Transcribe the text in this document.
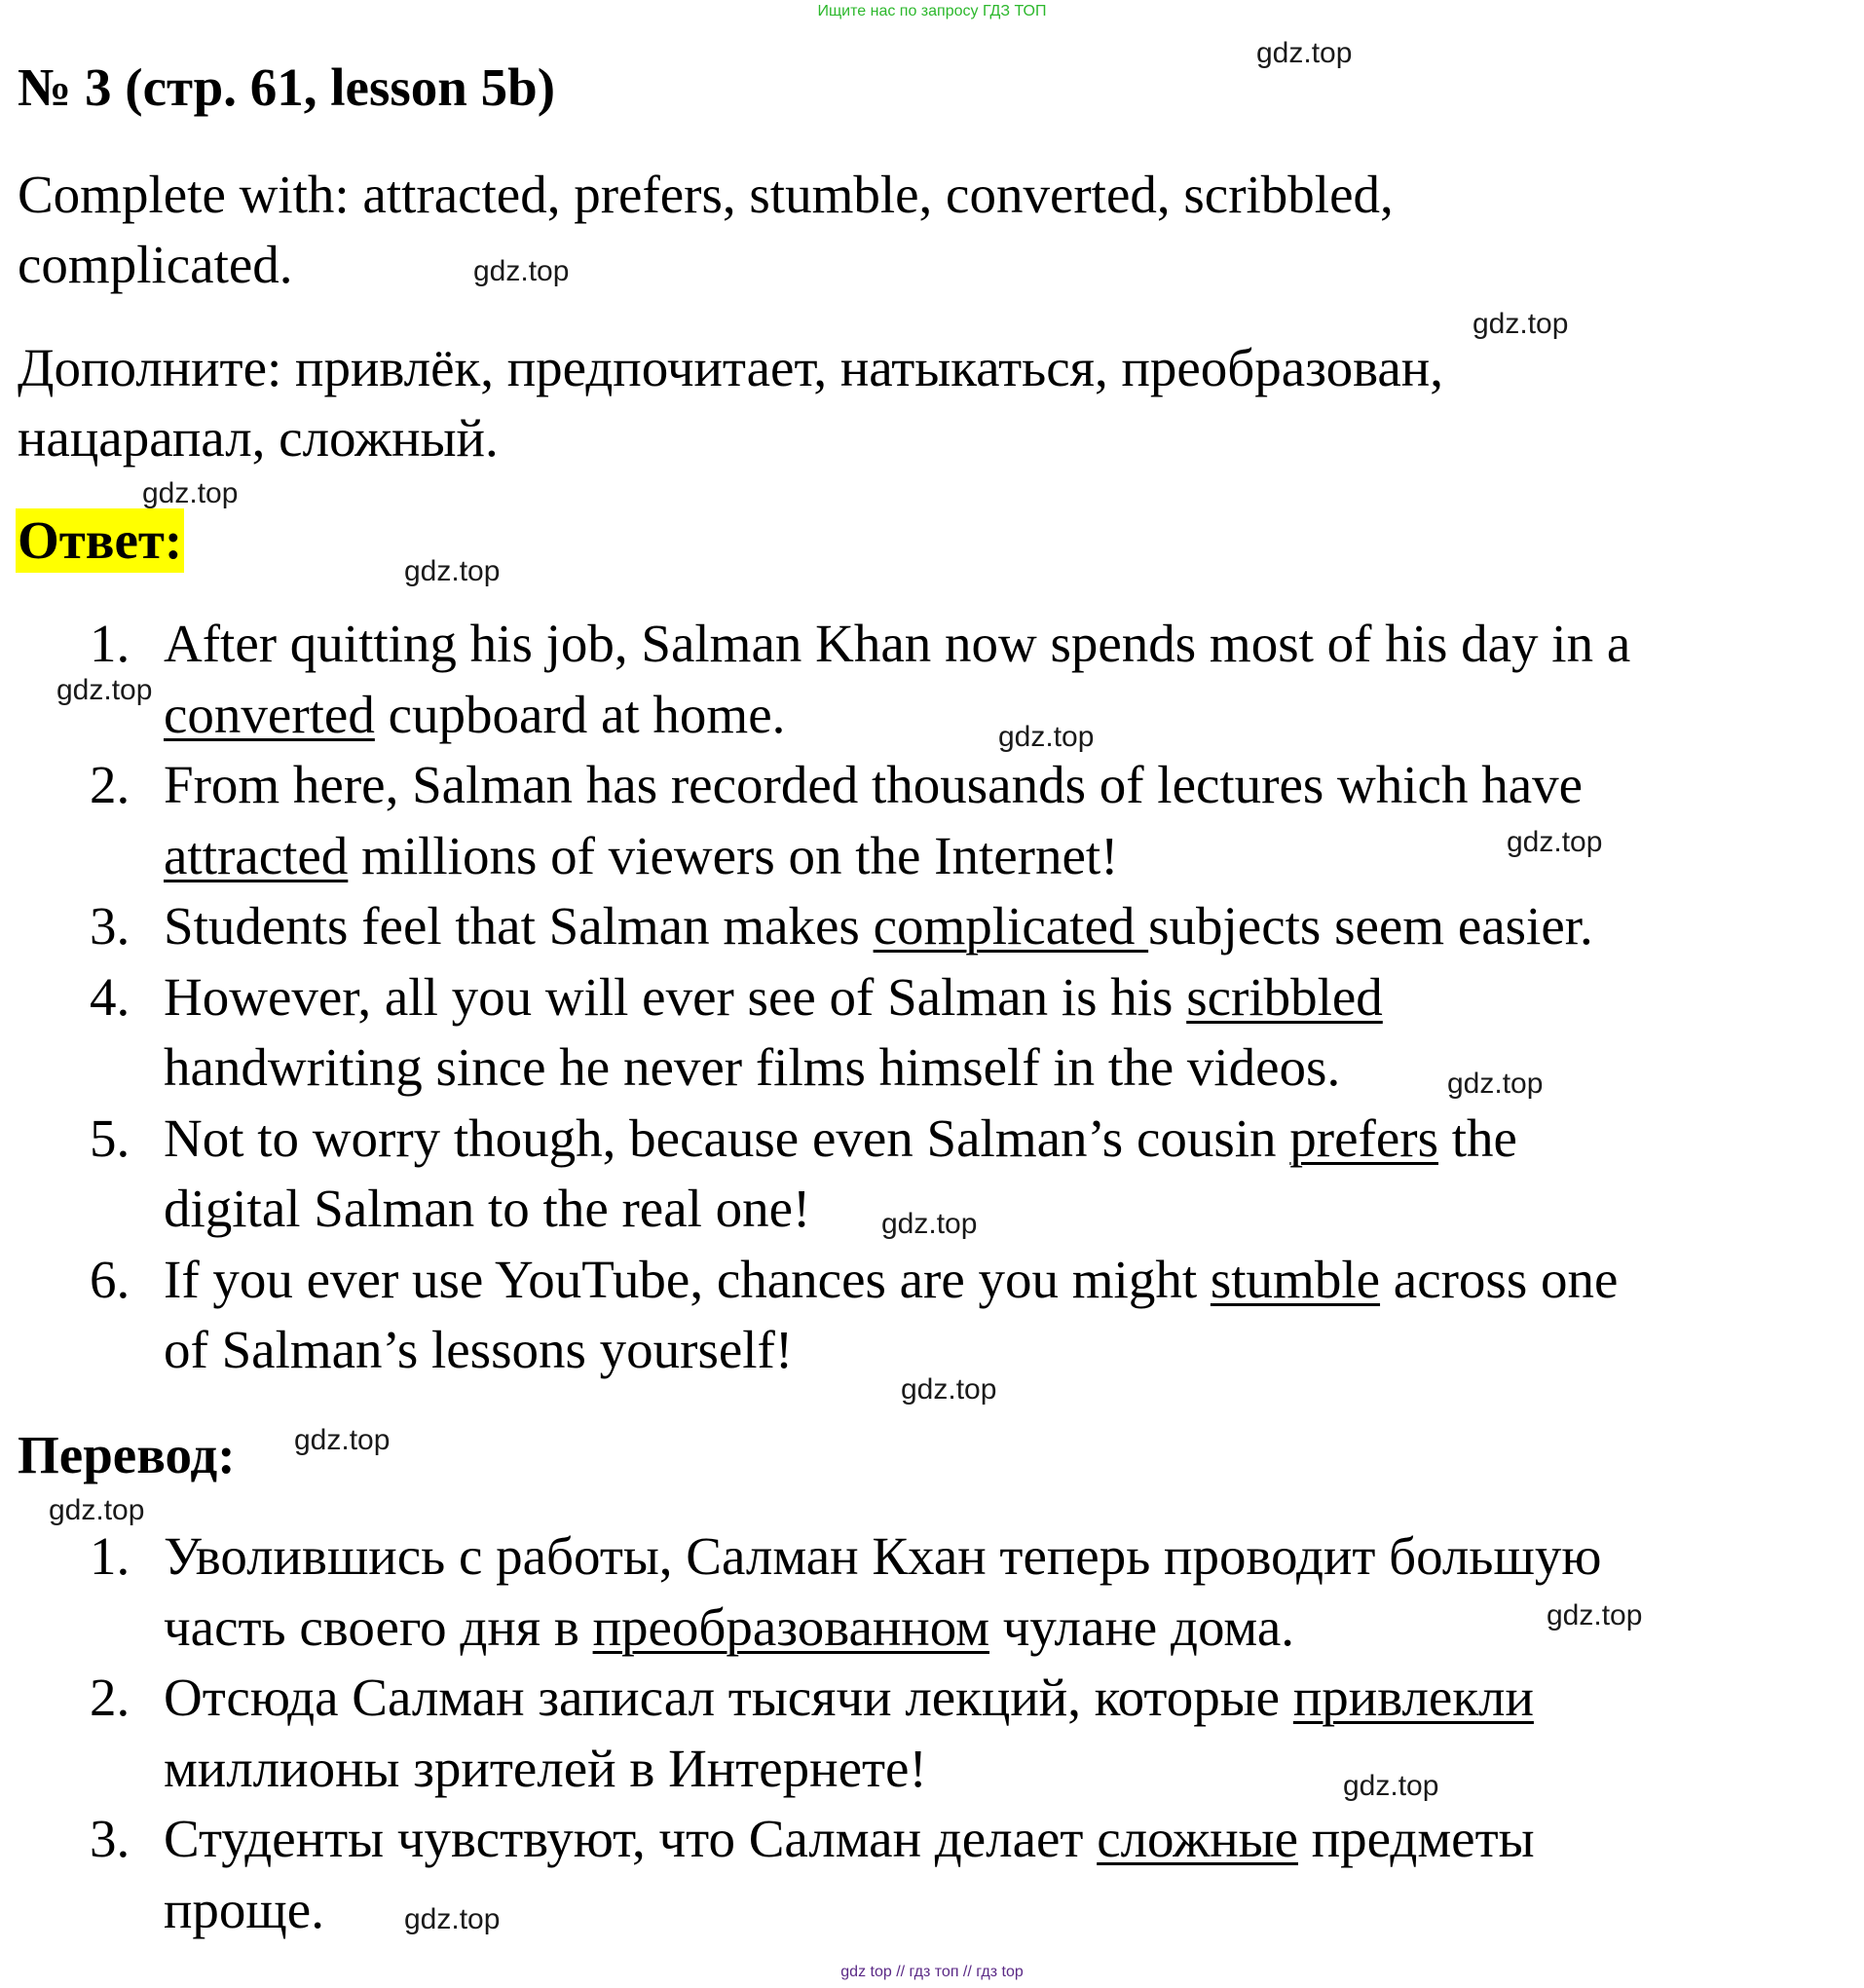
Ищите нас по запросу ГДЗ ТОП
№ 3 (стр. 61, lesson 5b)
Complete with: attracted, prefers, stumble, converted, scribbled,
complicated.
Дополните: привлёк, предпочитает, натыкаться, преобразован,
нацарапал, сложный.
Ответ:
1. After quitting his job, Salman Khan now spends most of his day in a
converted cupboard at home.
2. From here, Salman has recorded thousands of lectures which have
attracted millions of viewers on the Internet!
3. Students feel that Salman makes complicated subjects seem easier.
4. However, all you will ever see of Salman is his scribbled
handwriting since he never films himself in the videos.
5. Not to worry though, because even Salman’s cousin prefers the
digital Salman to the real one!
6. If you ever use YouTube, chances are you might stumble across one
of Salman’s lessons yourself!
Перевод:
1. Уволившись с работы, Салман Кхан теперь проводит большую
часть своего дня в преобразованном чулане дома.
2. Отсюда Салман записал тысячи лекций, которые привлекли
миллионы зрителей в Интернете!
3. Студенты чувствуют, что Салман делает сложные предметы
проще.
gdz.top
gdz.top
gdz.top
gdz.top
gdz.top
gdz.top
gdz.top
gdz.top
gdz.top
gdz.top
gdz.top
gdz.top
gdz.top
gdz.top
gdz.top
gdz.top
gdz top // гдз топ // гдз top
